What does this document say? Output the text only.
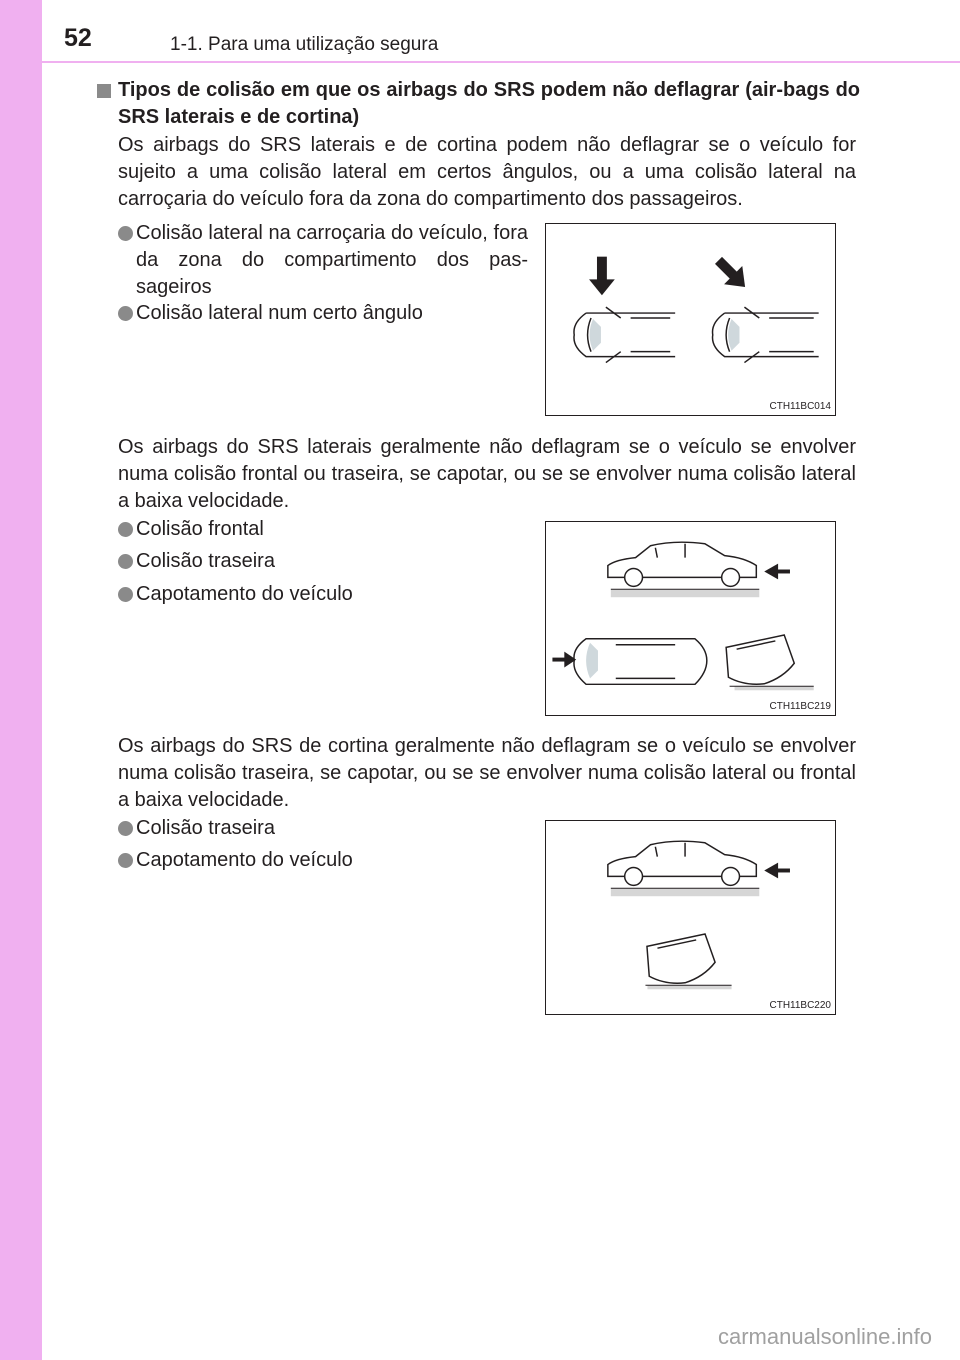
52	1-1. Para uma utilização segura
Tipos de colisão em que os airbags do SRS podem não deflagrar (air-bags do SRS laterais e de cortina)
Os airbags do SRS laterais e de cortina podem não deflagrar se o veículo for sujeito a uma colisão lateral em certos ângulos, ou a uma colisão lateral na carroçaria do veículo fora da zona do compartimento dos passageiros.
Colisão lateral na carroçaria do veículo, fora da zona do compartimento dos pas-sageiros
Colisão lateral num certo ângulo
CTH11BC014
Os airbags do SRS laterais geralmente não deflagram se o veículo se envolver numa colisão frontal ou traseira, se capotar, ou se se envolver numa colisão lateral a baixa velocidade.
Colisão frontal
Colisão traseira
Capotamento do veículo
CTH11BC219
Os airbags do SRS de cortina geralmente não deflagram se o veículo se envolver numa colisão traseira, se capotar, ou se se envolver numa colisão lateral ou frontal a baixa velocidade.
Colisão traseira
Capotamento do veículo
CTH11BC220
carmanualsonline.info
